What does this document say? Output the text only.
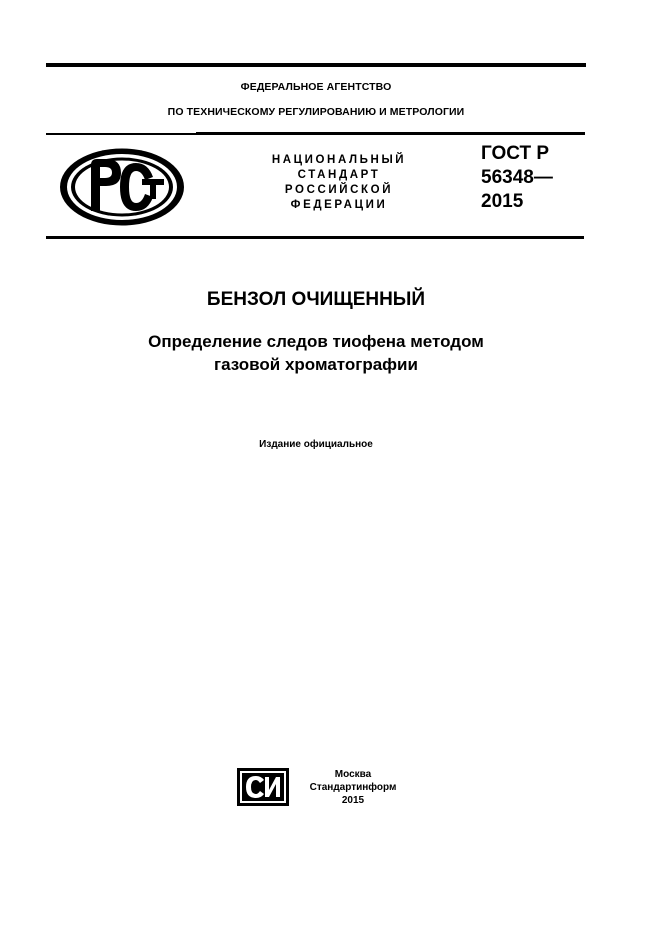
ФЕДЕРАЛЬНОЕ АГЕНТСТВО
ПО ТЕХНИЧЕСКОМУ РЕГУЛИРОВАНИЮ И МЕТРОЛОГИИ
НАЦИОНАЛЬНЫЙ
СТАНДАРТ
РОССИЙСКОЙ
ФЕДЕРАЦИИ
ГОСТ Р
56348—
2015
БЕНЗОЛ ОЧИЩЕННЫЙ
Определение следов тиофена методом
газовой хроматографии
Издание официальное
Москва
Стандартинформ
2015
